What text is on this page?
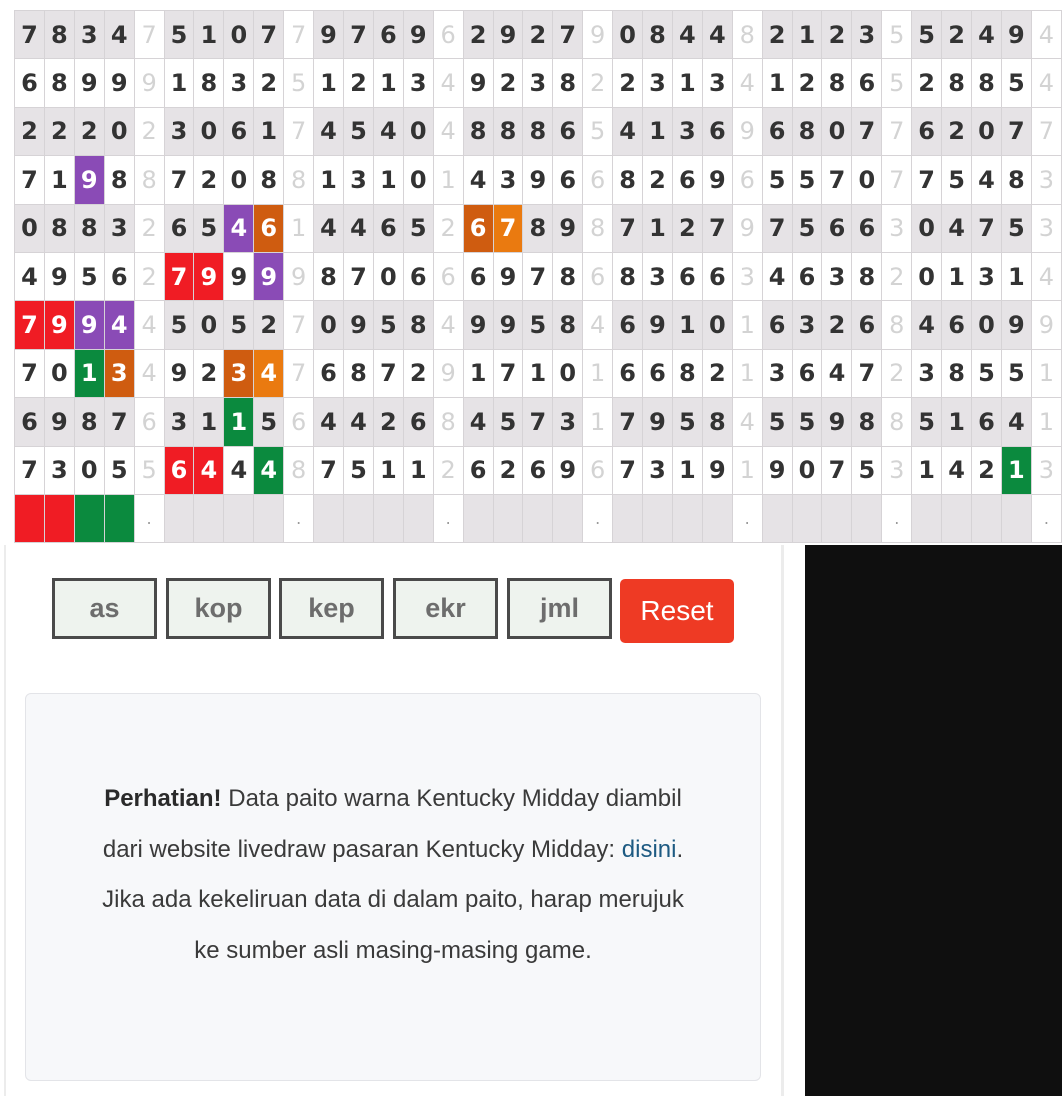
7	8	3	4	7	5	1	0	7	7	9	7	6	9	6	2	9	2	7	9	0	8	4	4	8	2	1	2	3	5	5	2	4	9	4
6	8	9	9	9	1	8	3	2	5	1	2	1	3	4	9	2	3	8	2	2	3	1	3	4	1	2	8	6	5	2	8	8	5	4
2	2	2	0	2	3	0	6	1	7	4	5	4	0	4	8	8	8	6	5	4	1	3	6	9	6	8	0	7	7	6	2	0	7	7
7	1	9	8	8	7	2	0	8	8	1	3	1	0	1	4	3	9	6	6	8	2	6	9	6	5	5	7	0	7	7	5	4	8	3
0	8	8	3	2	6	5	4	6	1	4	4	6	5	2	6	7	8	9	8	7	1	2	7	9	7	5	6	6	3	0	4	7	5	3
4	9	5	6	2	7	9	9	9	9	8	7	0	6	6	6	9	7	8	6	8	3	6	6	3	4	6	3	8	2	0	1	3	1	4
7	9	9	4	4	5	0	5	2	7	0	9	5	8	4	9	9	5	8	4	6	9	1	0	1	6	3	2	6	8	4	6	0	9	9
7	0	1	3	4	9	2	3	4	7	6	8	7	2	9	1	7	1	0	1	6	6	8	2	1	3	6	4	7	2	3	8	5	5	1
6	9	8	7	6	3	1	1	5	6	4	4	2	6	8	4	5	7	3	1	7	9	5	8	4	5	5	9	8	8	5	1	6	4	1
7	3	0	5	5	6	4	4	4	8	7	5	1	1	2	6	2	6	9	6	7	3	1	9	1	9	0	7	5	3	1	4	2	1	3
				.					.					.					.					.					.					.
as
kop
kep
ekr
jml
Reset
Perhatian! Data paito warna Kentucky Midday diambil dari website livedraw pasaran Kentucky Midday: disini. Jika ada kekeliruan data di dalam paito, harap merujuk ke sumber asli masing-masing game.
